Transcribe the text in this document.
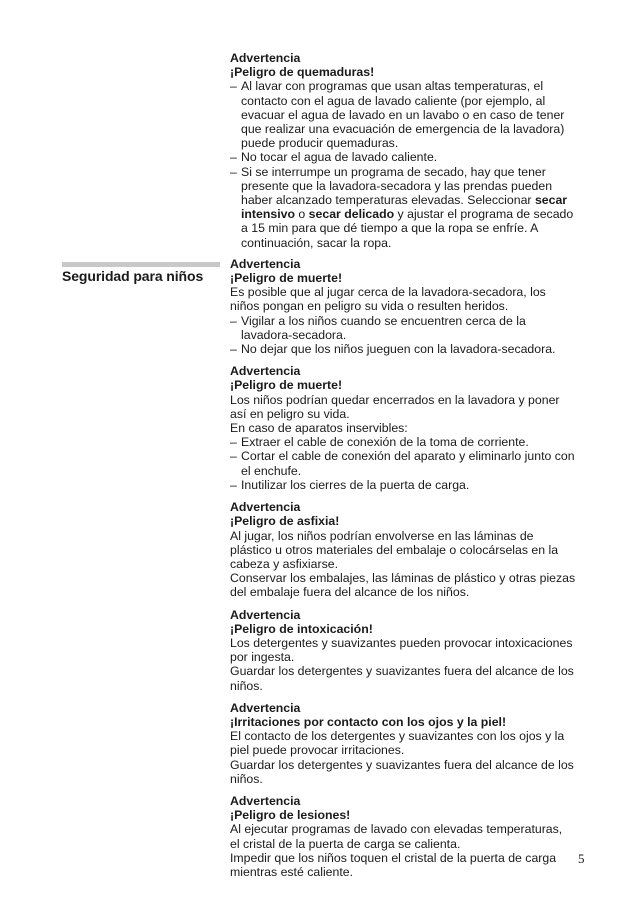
Seguridad para niños
Advertencia
¡Peligro de quemaduras!
– Al lavar con programas que usan altas temperaturas, el
contacto con el agua de lavado caliente (por ejemplo, al
evacuar el agua de lavado en un lavabo o en caso de tener
que realizar una evacuación de emergencia de la lavadora)
puede producir quemaduras.
– No tocar el agua de lavado caliente.
– Si se interrumpe un programa de secado, hay que tener
presente que la lavadora-secadora y las prendas pueden
haber alcanzado temperaturas elevadas. Seleccionar secar
intensivo o secar delicado y ajustar el programa de secado
a 15 min para que dé tiempo a que la ropa se enfríe. A
continuación, sacar la ropa.
Advertencia
¡Peligro de muerte!
Es posible que al jugar cerca de la lavadora-secadora, los
niños pongan en peligro su vida o resulten heridos.
– Vigilar a los niños cuando se encuentren cerca de la
lavadora-secadora.
– No dejar que los niños jueguen con la lavadora-secadora.
Advertencia
¡Peligro de muerte!
Los niños podrían quedar encerrados en la lavadora y poner
así en peligro su vida.
En caso de aparatos inservibles:
– Extraer el cable de conexión de la toma de corriente.
– Cortar el cable de conexión del aparato y eliminarlo junto con
el enchufe.
– Inutilizar los cierres de la puerta de carga.
Advertencia
¡Peligro de asfixia!
Al jugar, los niños podrían envolverse en las láminas de
plástico u otros materiales del embalaje o colocárselas en la
cabeza y asfixiarse.
Conservar los embalajes, las láminas de plástico y otras piezas
del embalaje fuera del alcance de los niños.
Advertencia
¡Peligro de intoxicación!
Los detergentes y suavizantes pueden provocar intoxicaciones
por ingesta.
Guardar los detergentes y suavizantes fuera del alcance de los
niños.
Advertencia
¡Irritaciones por contacto con los ojos y la piel!
El contacto de los detergentes y suavizantes con los ojos y la
piel puede provocar irritaciones.
Guardar los detergentes y suavizantes fuera del alcance de los
niños.
Advertencia
¡Peligro de lesiones!
Al ejecutar programas de lavado con elevadas temperaturas,
el cristal de la puerta de carga se calienta.
Impedir que los niños toquen el cristal de la puerta de carga
mientras esté caliente.
5
